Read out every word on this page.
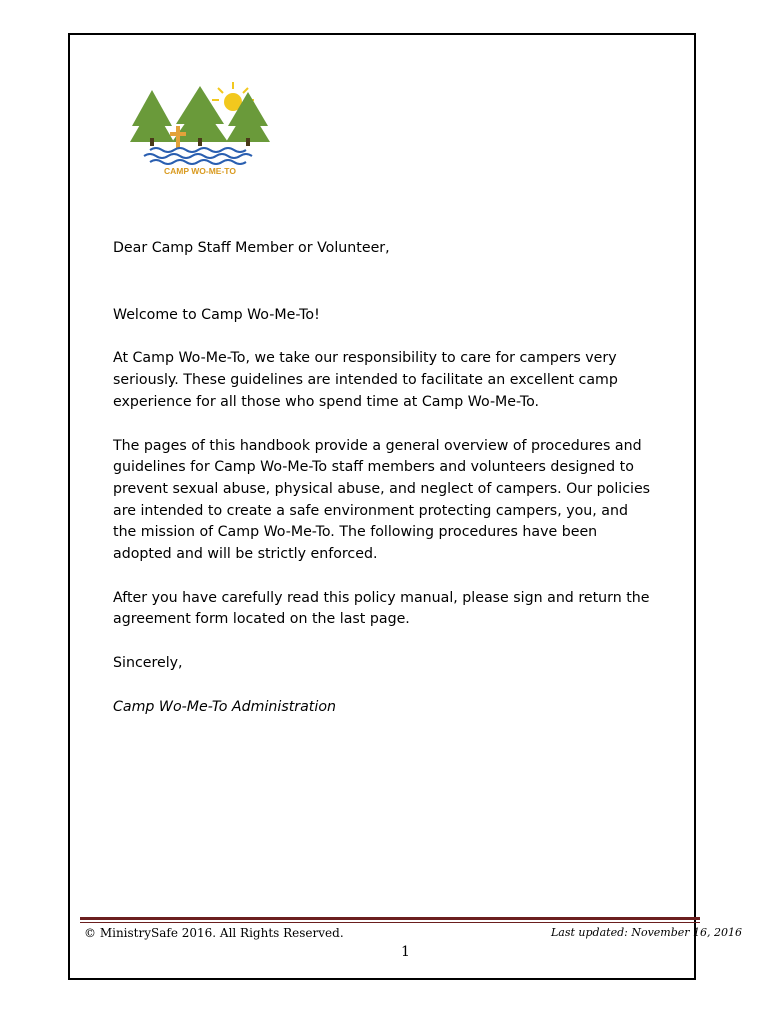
CAMP WO-ME-TO

Dear Camp Staff Member or Volunteer,

Welcome to Camp Wo-Me-To!

At Camp Wo-Me-To, we take our responsibility to care for campers very seriously. These guidelines are intended to facilitate an excellent camp experience for all those who spend time at Camp Wo-Me-To.

The pages of this handbook provide a general overview of procedures and guidelines for Camp Wo-Me-To staff members and volunteers designed to prevent sexual abuse, physical abuse, and neglect of campers. Our policies are intended to create a safe environment protecting campers, you, and the mission of Camp Wo-Me-To. The following procedures have been adopted and will be strictly enforced.

After you have carefully read this policy manual, please sign and return the agreement form located on the last page.

Sincerely,

Camp Wo-Me-To Administration

© MinistrySafe 2016. All Rights Reserved.	Last updated: November 16, 2016
1
